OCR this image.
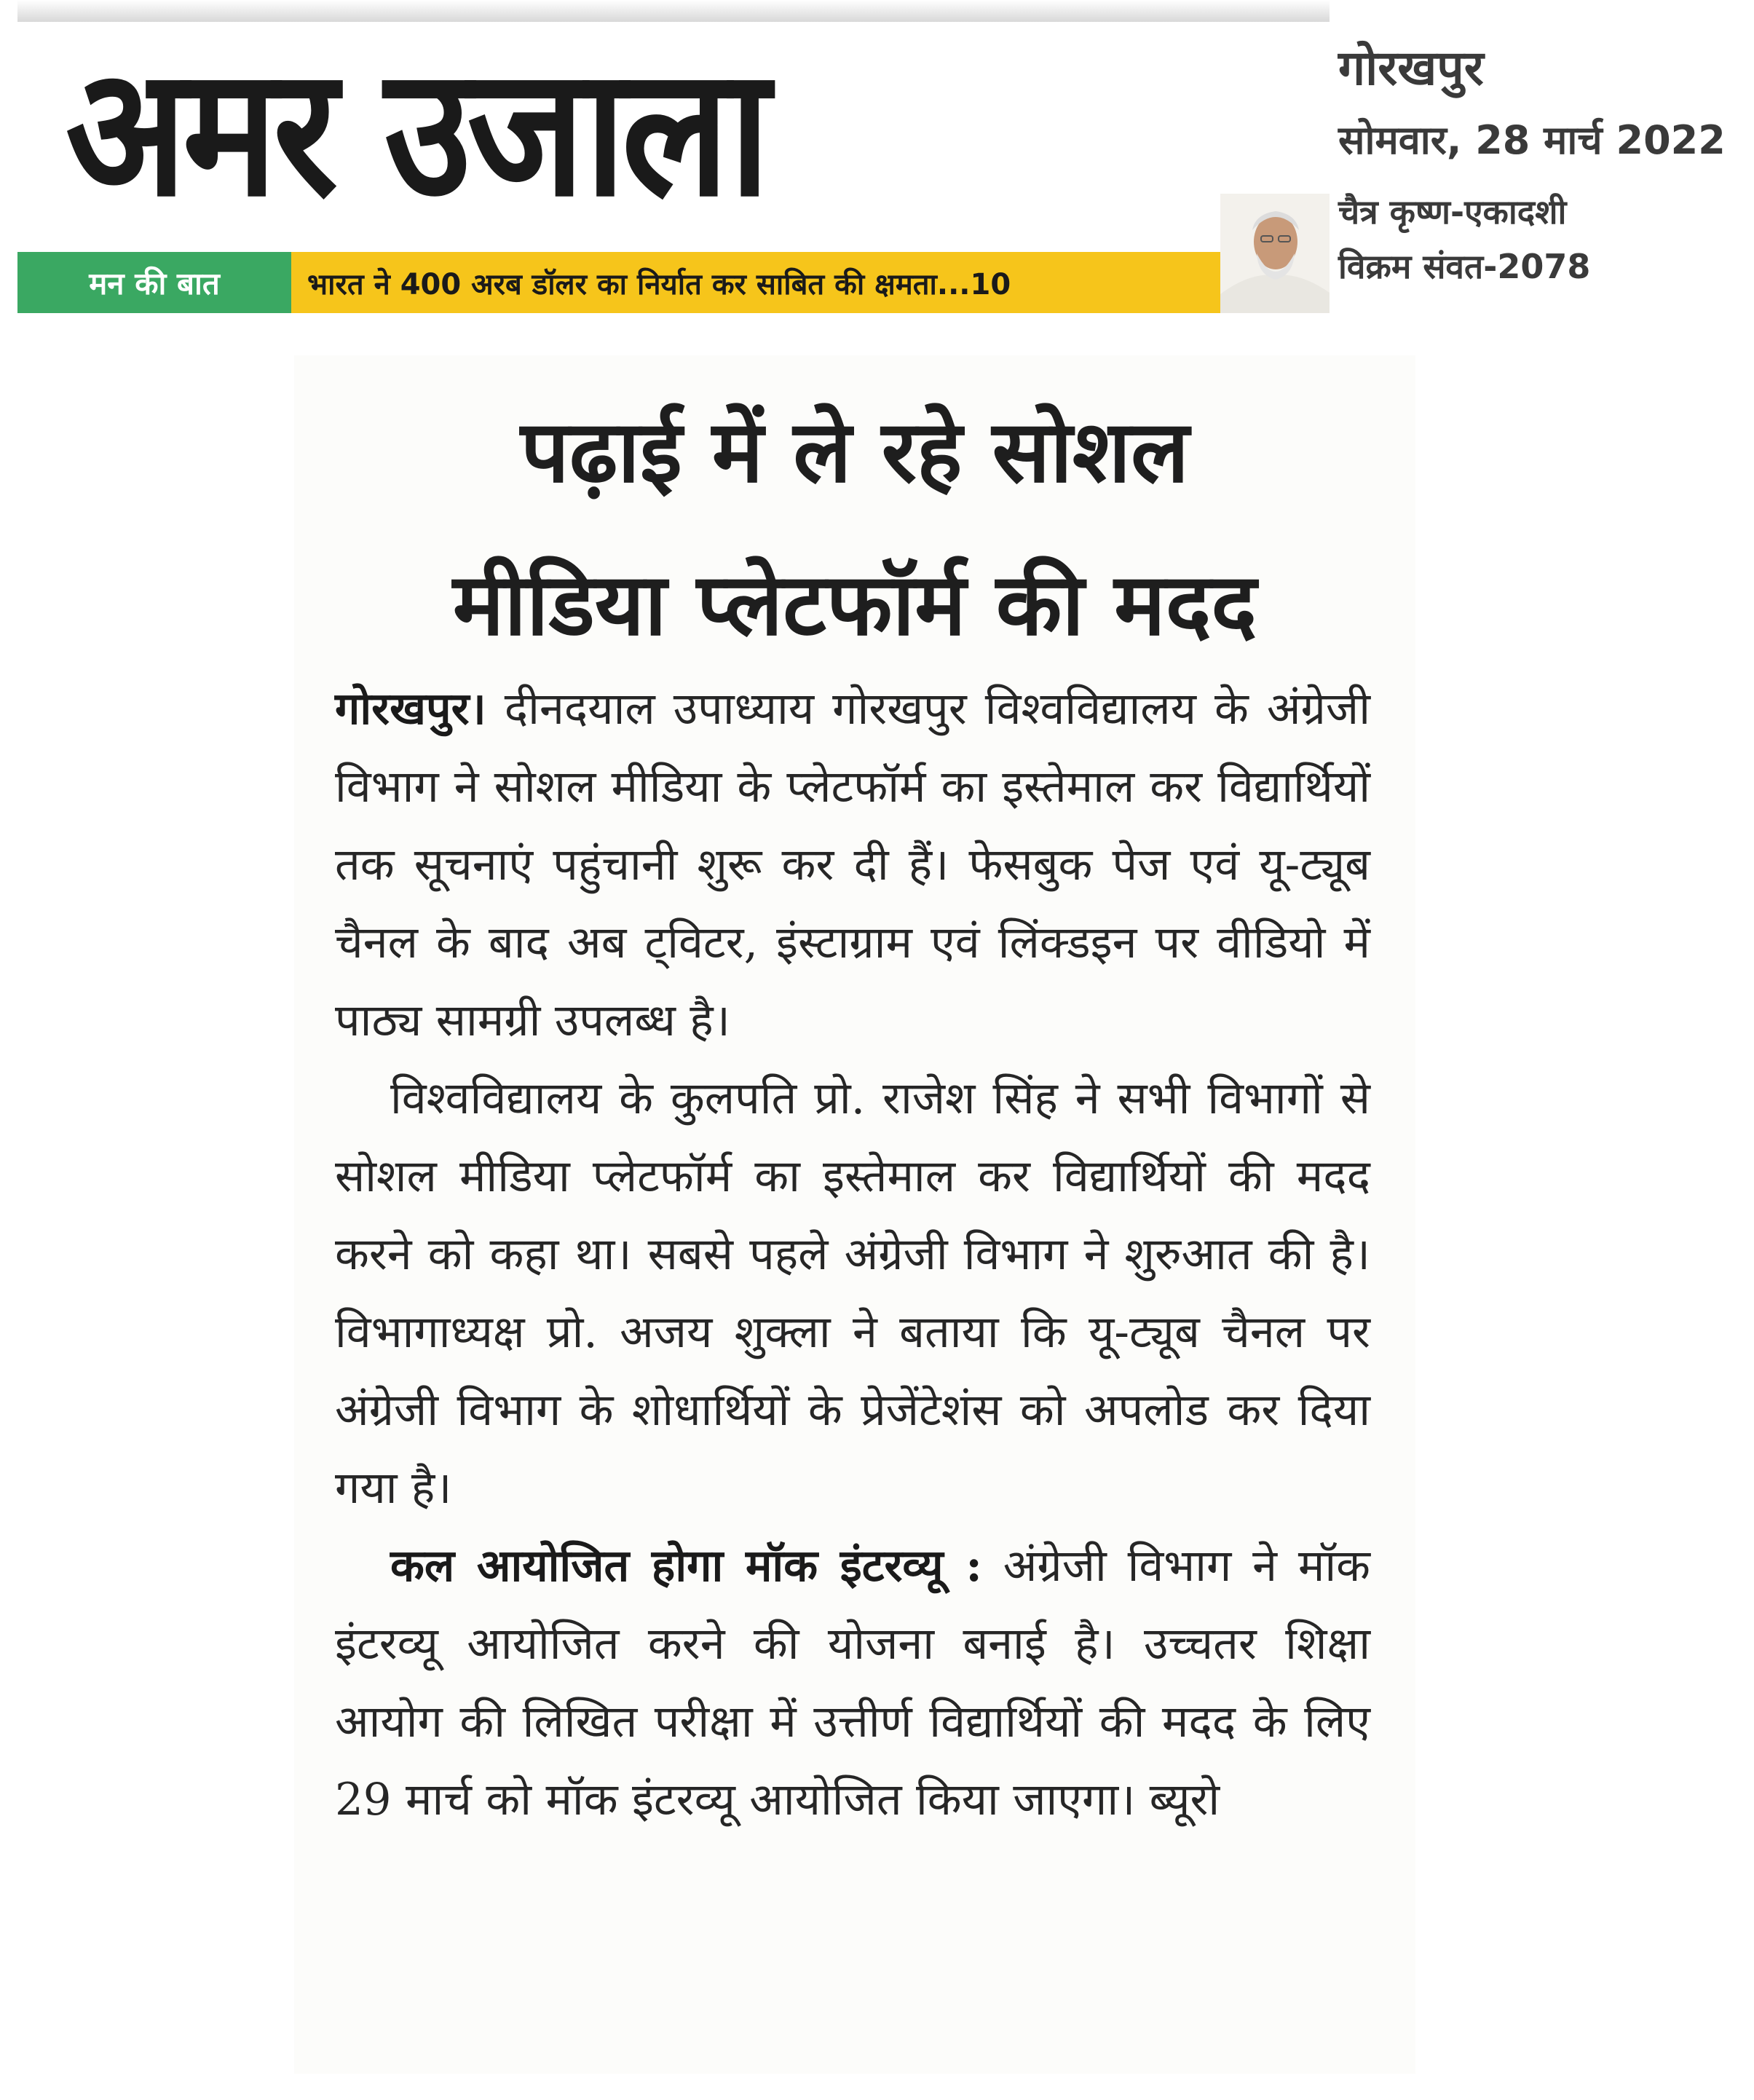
अमर उजाला
मन की बात	भारत ने 400 अरब डॉलर का निर्यात कर साबित की क्षमता...10
गोरखपुर
सोमवार, 28 मार्च 2022
चैत्र कृष्ण-एकादशी
विक्रम संवत-2078
पढ़ाई में ले रहे सोशल
मीडिया प्लेटफॉर्म की मदद

गोरखपुर। दीनदयाल उपाध्याय गोरखपुर विश्वविद्यालय के अंग्रेजी विभाग ने सोशल मीडिया के प्लेटफॉर्म का इस्तेमाल कर विद्यार्थियों तक सूचनाएं पहुंचानी शुरू कर दी हैं। फेसबुक पेज एवं यू-ट्यूब चैनल के बाद अब ट्विटर, इंस्टाग्राम एवं लिंक्डइन पर वीडियो में पाठ्य सामग्री उपलब्ध है।

विश्वविद्यालय के कुलपति प्रो. राजेश सिंह ने सभी विभागों से सोशल मीडिया प्लेटफॉर्म का इस्तेमाल कर विद्यार्थियों की मदद करने को कहा था। सबसे पहले अंग्रेजी विभाग ने शुरुआत की है। विभागाध्यक्ष प्रो. अजय शुक्ला ने बताया कि यू-ट्यूब चैनल पर अंग्रेजी विभाग के शोधार्थियों के प्रेजेंटेशंस को अपलोड कर दिया गया है।

कल आयोजित होगा मॉक इंटरव्यू : अंग्रेजी विभाग ने मॉक इंटरव्यू आयोजित करने की योजना बनाई है। उच्चतर शिक्षा आयोग की लिखित परीक्षा में उत्तीर्ण विद्यार्थियों की मदद के लिए 29 मार्च को मॉक इंटरव्यू आयोजित किया जाएगा। ब्यूरो
